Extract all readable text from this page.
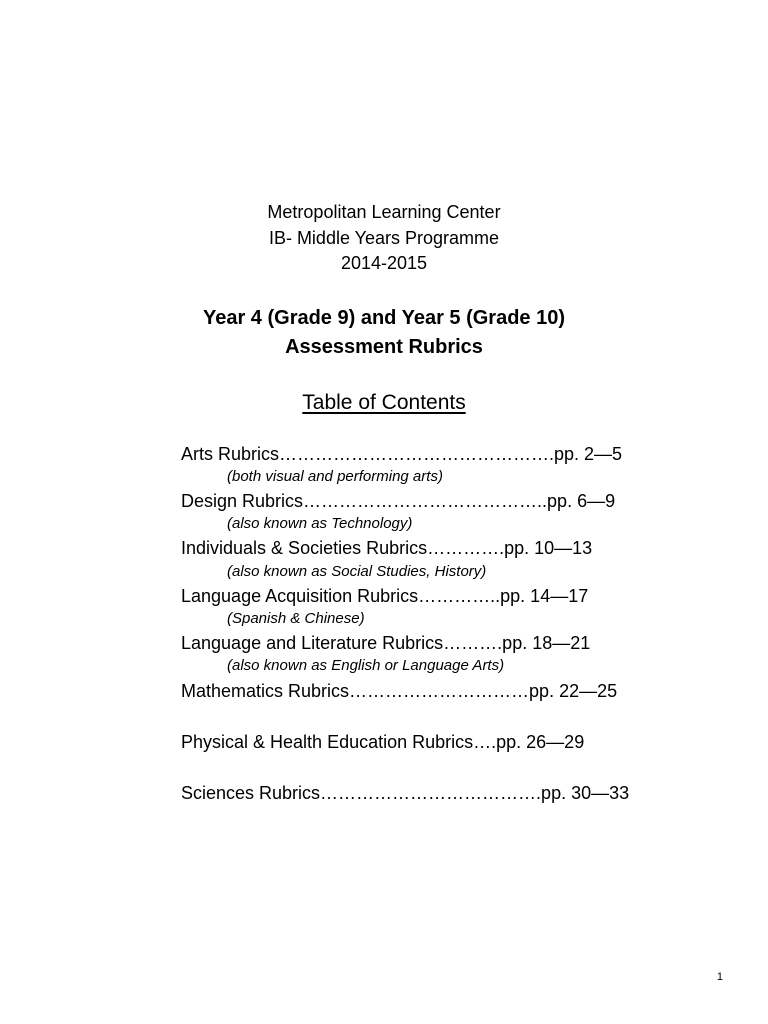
Metropolitan Learning Center
IB- Middle Years Programme
2014-2015
Year 4 (Grade 9) and Year 5 (Grade 10)
Assessment Rubrics
Table of Contents
Arts Rubrics……………………………………….pp. 2—5
(both visual and performing arts)
Design Rubrics…………………………………..pp. 6—9
(also known as Technology)
Individuals & Societies Rubrics………….pp. 10—13
(also known as Social Studies, History)
Language Acquisition Rubrics…………..pp. 14—17
(Spanish & Chinese)
Language and Literature Rubrics……….pp. 18—21
(also known as English or Language Arts)
Mathematics Rubrics…………………………pp. 22—25
Physical & Health Education Rubrics….pp. 26—29
Sciences Rubrics……………………………….pp. 30—33
1
